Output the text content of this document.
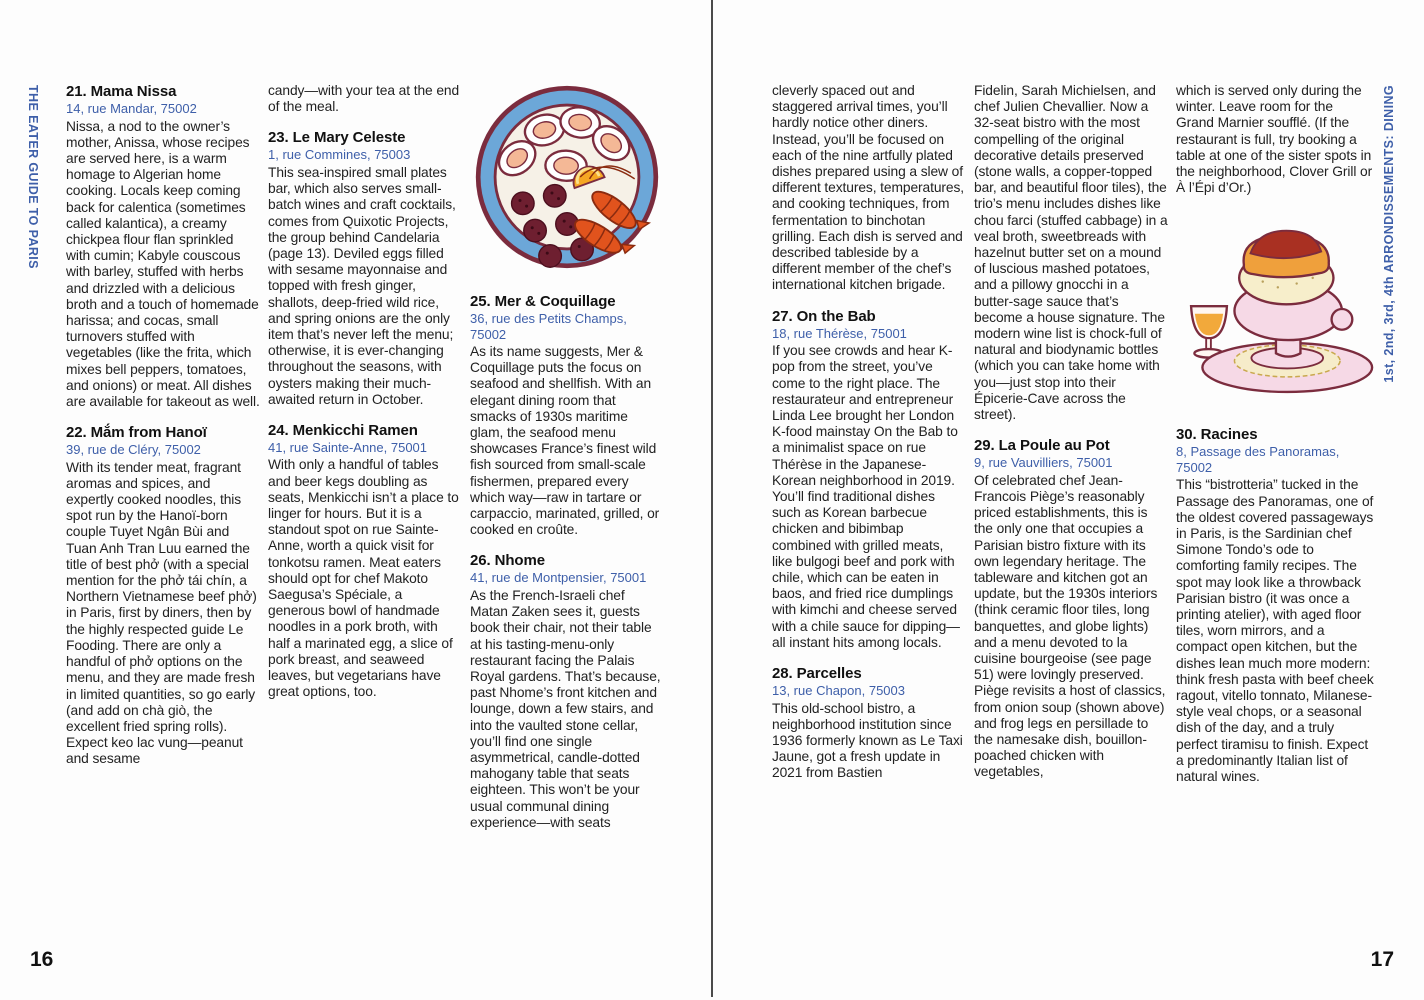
THE EATER GUIDE TO PARIS	1st, 2nd, 3rd, 4th ARRONDISSEMENTS: DINING
21. Mama Nissa
14, rue Mandar, 75002

Nissa, a nod to the owner’s mother, Anissa, whose recipes are served here, is a warm homage to Algerian home cooking. Locals keep coming back for calentica (sometimes called kalantica), a creamy chickpea flour flan sprinkled with cumin; Kabyle couscous with barley, stuffed with herbs and drizzled with a delicious broth and a touch of homemade harissa; and cocas, small turnovers stuffed with vegetables (like the frita, which mixes bell peppers, tomatoes, and onions) or meat. All dishes are available for takeout as well.

22. Mắm from Hanoï
39, rue de Cléry, 75002

With its tender meat, fragrant aromas and spices, and expertly cooked noodles, this spot run by the Hanoï-born couple Tuyet Ngân Bùi and Tuan Anh Tran Luu earned the title of best phở (with a special mention for the phở tái chín, a Northern Vietnamese beef phở) in Paris, first by diners, then by the highly respected guide Le Fooding. There are only a handful of phở options on the menu, and they are made fresh in limited quantities, so go early (and add on chà giò, the excellent fried spring rolls). Expect keo lac vung—peanut and sesame

candy—with your tea at the end of the meal.

23. Le Mary Celeste
1, rue Commines, 75003

This sea-inspired small plates bar, which also serves small-batch wines and craft cocktails, comes from Quixotic Projects, the group behind Candelaria (page 13). Deviled eggs filled with sesame mayonnaise and topped with fresh ginger, shallots, deep-fried wild rice, and spring onions are the only item that’s never left the menu; otherwise, it is ever-changing throughout the seasons, with oysters making their much-awaited return in October.

24. Menkicchi Ramen
41, rue Sainte-Anne, 75001

With only a handful of tables and beer kegs doubling as seats, Menkicchi isn’t a place to linger for hours. But it is a standout spot on rue Sainte-Anne, worth a quick visit for tonkotsu ramen. Meat eaters should opt for chef Makoto Saegusa’s Spéciale, a generous bowl of handmade noodles in a pork broth, with half a marinated egg, a slice of pork breast, and seaweed leaves, but vegetarians have great options, too.

25. Mer & Coquillage
36, rue des Petits Champs, 75002

As its name suggests, Mer & Coquillage puts the focus on seafood and shellfish. With an elegant dining room that smacks of 1930s maritime glam, the seafood menu showcases France’s finest wild fish sourced from small-scale fishermen, prepared every which way—raw in tartare or carpaccio, marinated, grilled, or cooked en croûte.

26. Nhome
41, rue de Montpensier, 75001

As the French-Israeli chef Matan Zaken sees it, guests book their chair, not their table at his tasting-menu-only restaurant facing the Palais Royal gardens. That’s because, past Nhome’s front kitchen and lounge, down a few stairs, and into the vaulted stone cellar, you’ll find one single asymmetrical, candle-dotted mahogany table that seats eighteen. This won’t be your usual communal dining experience—with seats

cleverly spaced out and staggered arrival times, you’ll hardly notice other diners. Instead, you’ll be focused on each of the nine artfully plated dishes prepared using a slew of different textures, temperatures, and cooking techniques, from fermentation to binchotan grilling. Each dish is served and described tableside by a different member of the chef’s international kitchen brigade.

27. On the Bab
18, rue Thérèse, 75001

If you see crowds and hear K-pop from the street, you’ve come to the right place. The restaurateur and entrepreneur Linda Lee brought her London K-food mainstay On the Bab to a minimalist space on rue Thérèse in the Japanese-Korean neighborhood in 2019. You’ll find traditional dishes such as Korean barbecue chicken and bibimbap combined with grilled meats, like bulgogi beef and pork with chile, which can be eaten in baos, and fried rice dumplings with kimchi and cheese served with a chile sauce for dipping—all instant hits among locals.

28. Parcelles
13, rue Chapon, 75003

This old-school bistro, a neighborhood institution since 1936 formerly known as Le Taxi Jaune, got a fresh update in 2021 from Bastien

Fidelin, Sarah Michielsen, and chef Julien Chevallier. Now a 32-seat bistro with the most compelling of the original decorative details preserved (stone walls, a copper-topped bar, and beautiful floor tiles), the trio’s menu includes dishes like chou farci (stuffed cabbage) in a veal broth, sweetbreads with hazelnut butter set on a mound of luscious mashed potatoes, and a pillowy gnocchi in a butter-sage sauce that’s become a house signature. The modern wine list is chock-full of natural and biodynamic bottles (which you can take home with you—just stop into their Épicerie-Cave across the street).

29. La Poule au Pot
9, rue Vauvilliers, 75001

Of celebrated chef Jean-Francois Piège’s reasonably priced establishments, this is the only one that occupies a Parisian bistro fixture with its own legendary heritage. The tableware and kitchen got an update, but the 1930s interiors (think ceramic floor tiles, long banquettes, and globe lights) and a menu devoted to la cuisine bourgeoise (see page 51) were lovingly preserved. Piège revisits a host of classics, from onion soup (shown above) and frog legs en persillade to the namesake dish, bouillon-poached chicken with vegetables,

which is served only during the winter. Leave room for the Grand Marnier soufflé. (If the restaurant is full, try booking a table at one of the sister spots in the neighborhood, Clover Grill or À l’Épi d’Or.)

30. Racines
8, Passage des Panoramas, 75002

This “bistrotteria” tucked in the Passage des Panoramas, one of the oldest covered passageways in Paris, is the Sardinian chef Simone Tondo’s ode to comforting family recipes. The spot may look like a throwback Parisian bistro (it was once a printing atelier), with aged floor tiles, worn mirrors, and a compact open kitchen, but the dishes lean much more modern: think fresh pasta with beef cheek ragout, vitello tonnato, Milanese-style veal chops, or a seasonal dish of the day, and a truly perfect tiramisu to finish. Expect a predominantly Italian list of natural wines.

16	17
